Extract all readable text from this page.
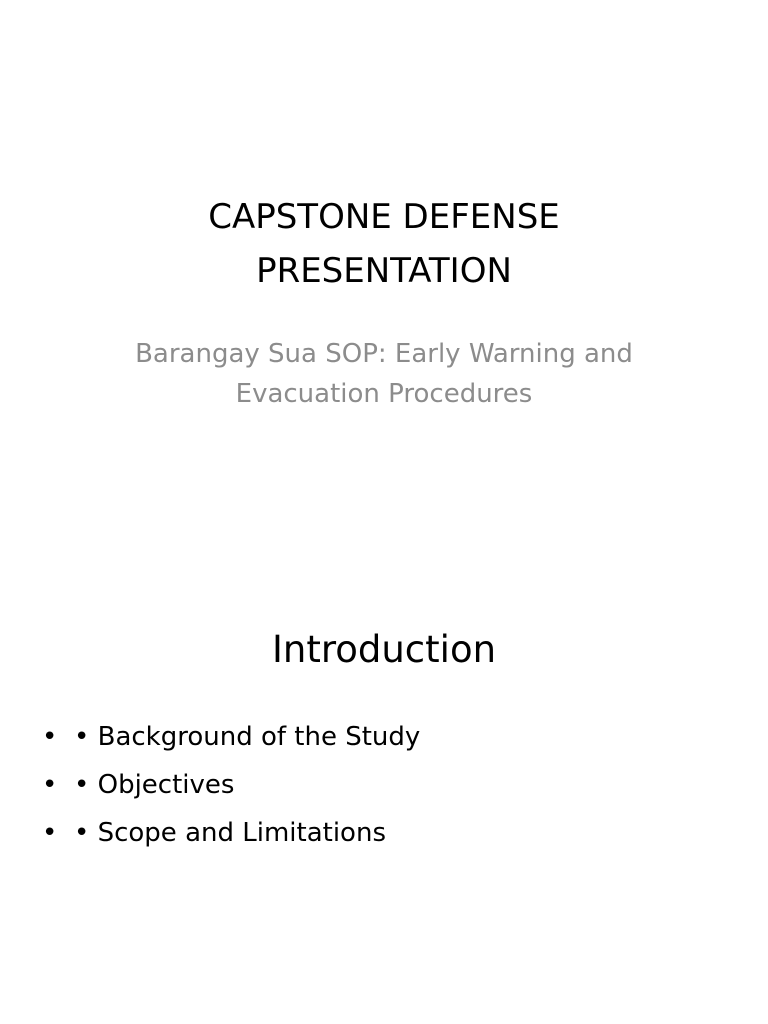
CAPSTONE DEFENSE
PRESENTATION

Barangay Sua SOP: Early Warning and
Evacuation Procedures

Introduction
• • Background of the Study
• • Objectives
• • Scope and Limitations
